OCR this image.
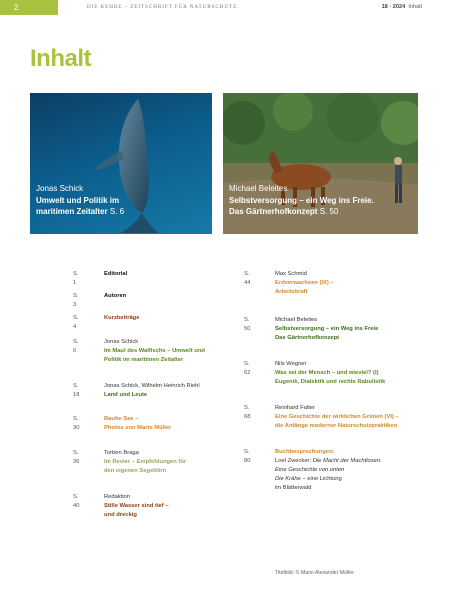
2	DIE KEHRE – ZEITSCHRIFT FÜR NATURSCHUTZ	18 · 2024 Inhalt
Inhalt
Jonas Schick
Umwelt und Politik im
maritimen Zeitalter S. 6
Michael Beleites
Selbstversorgung – ein Weg ins Freie.
Das Gärtnerhofkonzept S. 50
S. 1
Editorial
S. 3
Autoren
S. 4
Kurzbeiträge
S. 6
Jonas Schick
Im Maul des Walfischs – Umwelt und
Politik im maritimen Zeitalter
S. 18
Jonas Schick, Wilhelm Heinrich Riehl
Land und Leute
S. 30
Rauhe See –
Photos von Mario Müller
S. 36
Torben Braga
Im Revier – Empfehlungen für
den eigenen Segeltörn
S. 40
Redaktion
Stille Wasser sind tief –
und dreckig
S. 44
Max Schmid
Erdverwachsen (IX) –
Arbeitskraft
S. 50
Michael Beleites
Selbstversorgung – ein Weg ins Freie
Das Gärtnerhofkonzept
S. 62
Nils Wegner
Was sei der Mensch – und wieviel? (I)
Eugenik, Dialektik und rechte Rabulistik
S. 68
Reinhard Falter
Eine Geschichte der wirklichen Grünen (VI) –
die Anfänge moderner Naturschutzpraktiken
S. 80
Buchbesprechungen:
Loel Zwecker: Die Macht der Machtlosen.
Eine Geschichte von unten
Die Krähe – eine Lichtung
im Blätterwald
Titelbild: © Mario Alexander Müller
